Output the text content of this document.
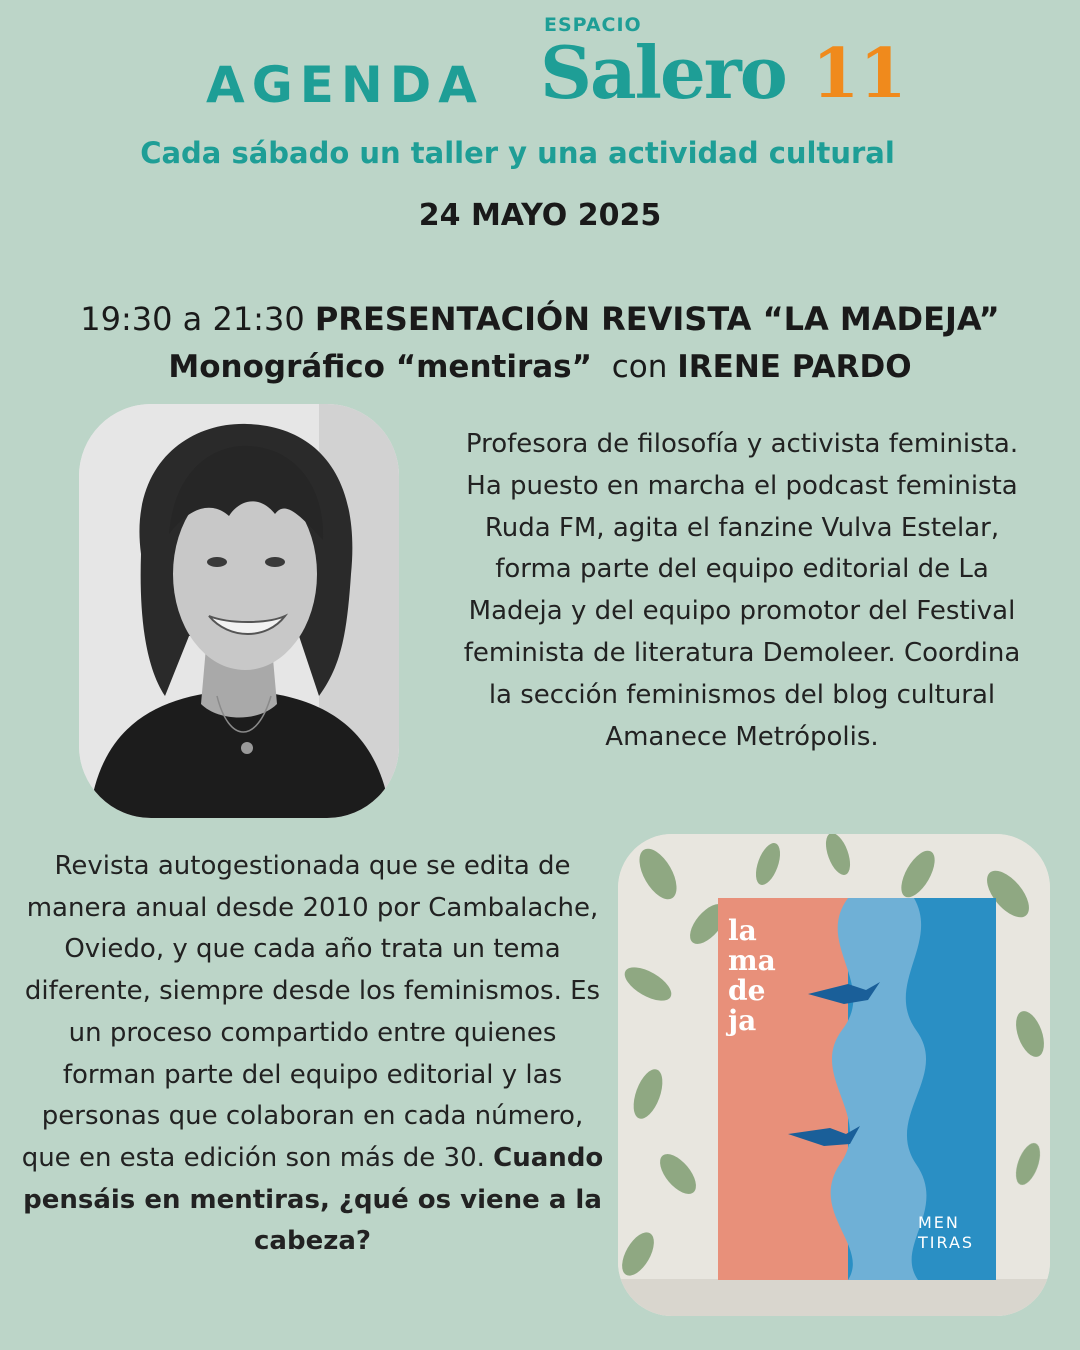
ESPACIO
AGENDA Salero 11
Cada sábado un taller y una actividad cultural
24 MAYO 2025
19:30 a 21:30 PRESENTACIÓN REVISTA “LA MADEJA”
Monográfico “mentiras” con IRENE PARDO
Profesora de filosofía y activista feminista. Ha puesto en marcha el podcast feminista Ruda FM, agita el fanzine Vulva Estelar, forma parte del equipo editorial de La Madeja y del equipo promotor del Festival feminista de literatura Demoleer. Coordina la sección feminismos del blog cultural Amanece Metrópolis.
Revista autogestionada que se edita de manera anual desde 2010 por Cambalache, Oviedo, y que cada año trata un tema diferente, siempre desde los feminismos. Es un proceso compartido entre quienes forman parte del equipo editorial y las personas que colaboran en cada número, que en esta edición son más de 30. Cuando pensáis en mentiras, ¿qué os viene a la cabeza?
la
ma
de
ja
MEN
TIRAS
